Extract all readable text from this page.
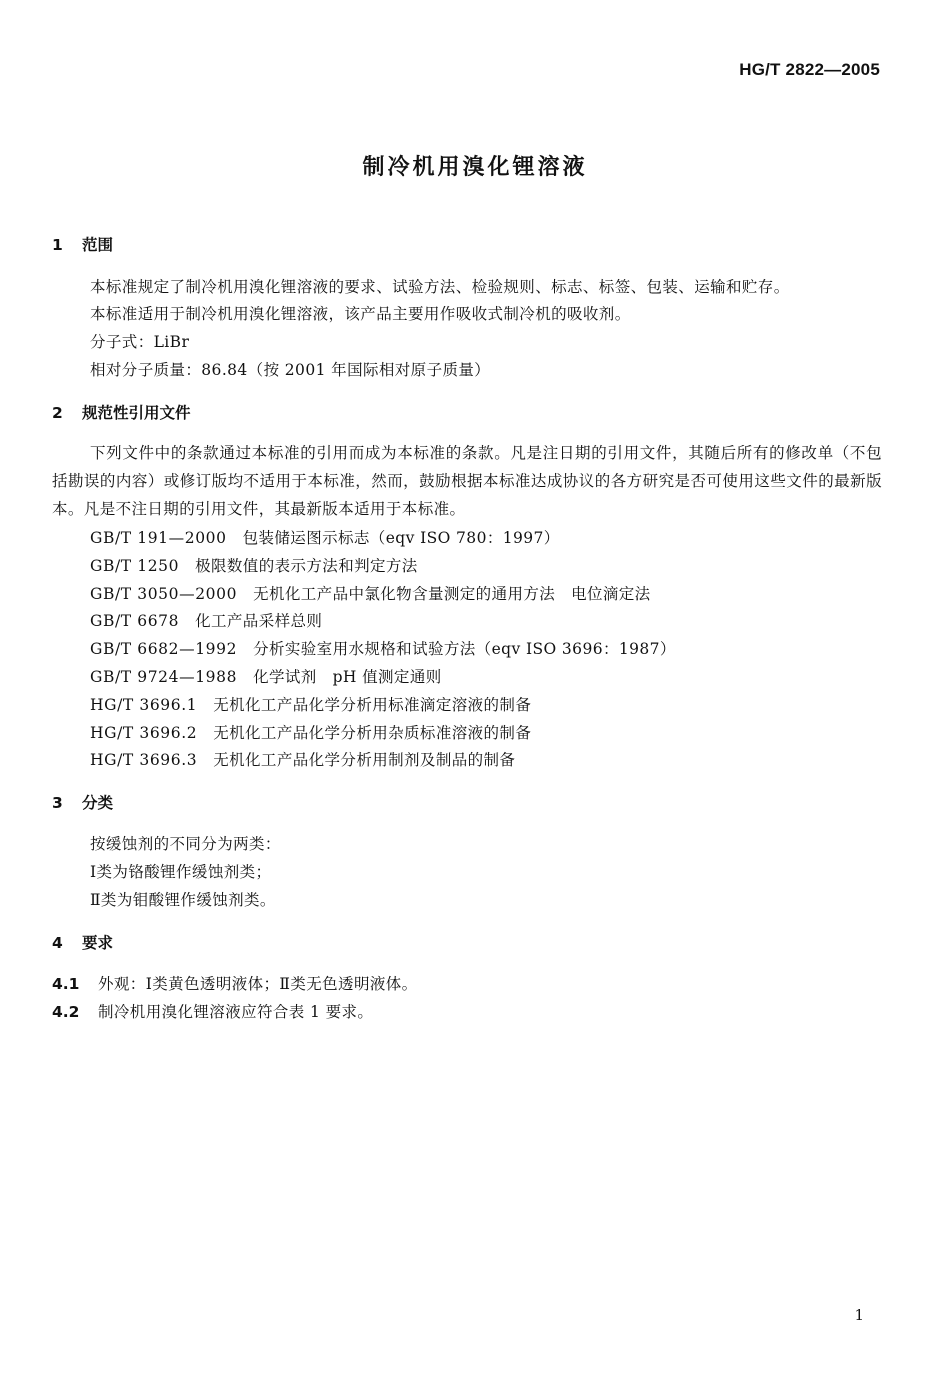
HG/T 2822—2005
制冷机用溴化锂溶液
1 范围
本标准规定了制冷机用溴化锂溶液的要求、试验方法、检验规则、标志、标签、包装、运输和贮存。
本标准适用于制冷机用溴化锂溶液，该产品主要用作吸收式制冷机的吸收剂。
分子式：LiBr
相对分子质量：86.84（按 2001 年国际相对原子质量）
2 规范性引用文件
下列文件中的条款通过本标准的引用而成为本标准的条款。凡是注日期的引用文件，其随后所有的修改单（不包括勘误的内容）或修订版均不适用于本标准，然而，鼓励根据本标准达成协议的各方研究是否可使用这些文件的最新版本。凡是不注日期的引用文件，其最新版本适用于本标准。
GB/T 191—2000 包装储运图示标志（eqv ISO 780：1997）
GB/T 1250 极限数值的表示方法和判定方法
GB/T 3050—2000 无机化工产品中氯化物含量测定的通用方法　电位滴定法
GB/T 6678 化工产品采样总则
GB/T 6682—1992 分析实验室用水规格和试验方法（eqv ISO 3696：1987）
GB/T 9724—1988 化学试剂　pH 值测定通则
HG/T 3696.1 无机化工产品化学分析用标准滴定溶液的制备
HG/T 3696.2 无机化工产品化学分析用杂质标准溶液的制备
HG/T 3696.3 无机化工产品化学分析用制剂及制品的制备
3 分类
按缓蚀剂的不同分为两类：
Ⅰ类为铬酸锂作缓蚀剂类；
Ⅱ类为钼酸锂作缓蚀剂类。
4 要求
4.1 外观：Ⅰ类黄色透明液体；Ⅱ类无色透明液体。
4.2 制冷机用溴化锂溶液应符合表 1 要求。
1
